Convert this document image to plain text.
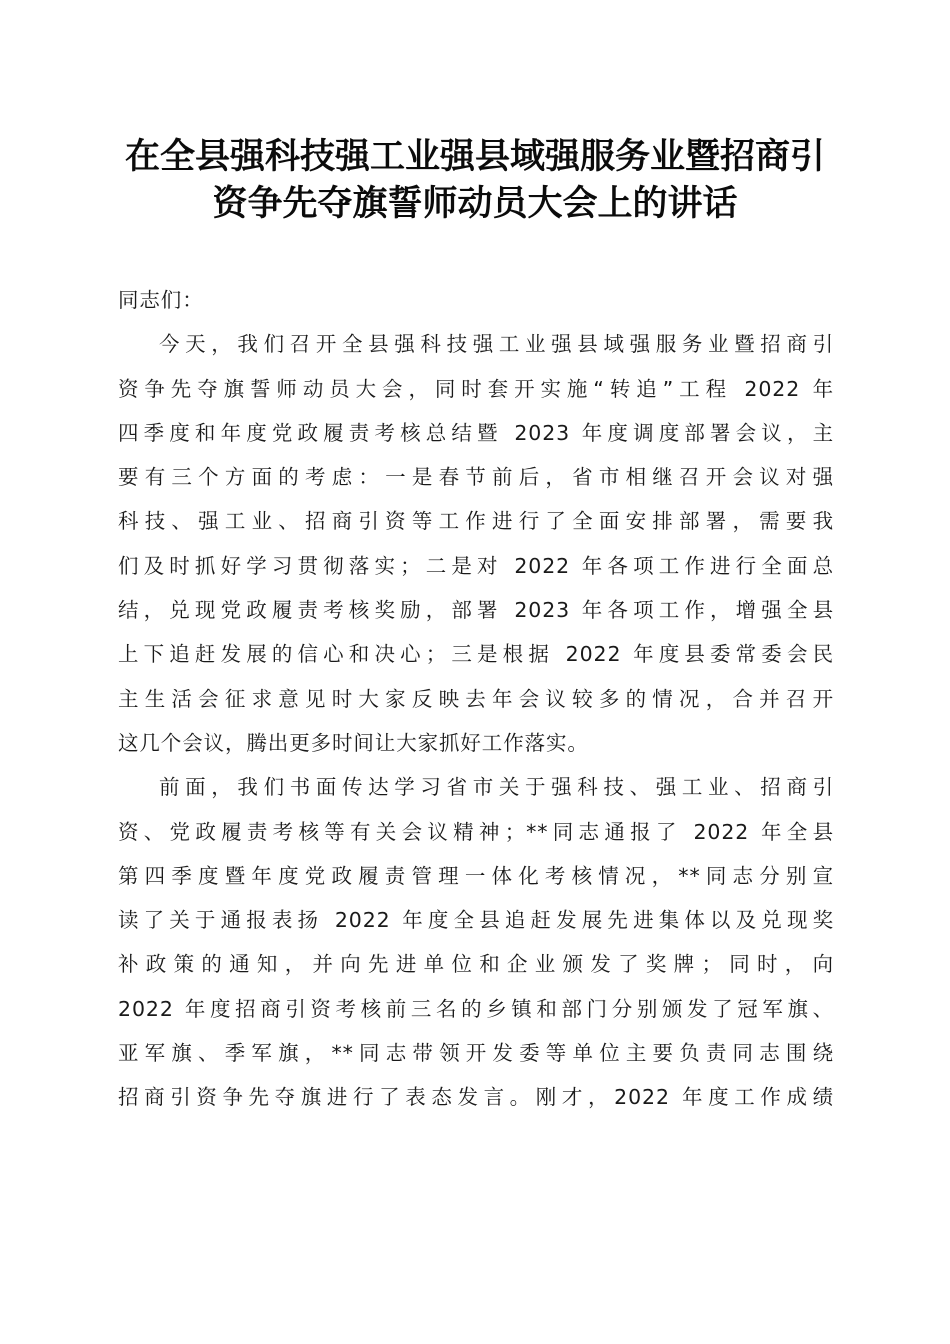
在全县强科技强工业强县域强服务业暨招商引
资争先夺旗誓师动员大会上的讲话
同志们：
今天，我们召开全县强科技强工业强县域强服务业暨招商引
资争先夺旗誓师动员大会，同时套开实施“转追”工程 2022 年
四季度和年度党政履责考核总结暨 2023 年度调度部署会议，主
要有三个方面的考虑：一是春节前后，省市相继召开会议对强
科技、强工业、招商引资等工作进行了全面安排部署，需要我
们及时抓好学习贯彻落实；二是对 2022 年各项工作进行全面总
结，兑现党政履责考核奖励，部署 2023 年各项工作，增强全县
上下追赶发展的信心和决心；三是根据 2022 年度县委常委会民
主生活会征求意见时大家反映去年会议较多的情况，合并召开
这几个会议，腾出更多时间让大家抓好工作落实。
前面，我们书面传达学习省市关于强科技、强工业、招商引
资、党政履责考核等有关会议精神；**同志通报了 2022 年全县
第四季度暨年度党政履责管理一体化考核情况，**同志分别宣
读了关于通报表扬 2022 年度全县追赶发展先进集体以及兑现奖
补政策的通知，并向先进单位和企业颁发了奖牌；同时，向
2022 年度招商引资考核前三名的乡镇和部门分别颁发了冠军旗、
亚军旗、季军旗，**同志带领开发委等单位主要负责同志围绕
招商引资争先夺旗进行了表态发言。刚才，2022 年度工作成绩
